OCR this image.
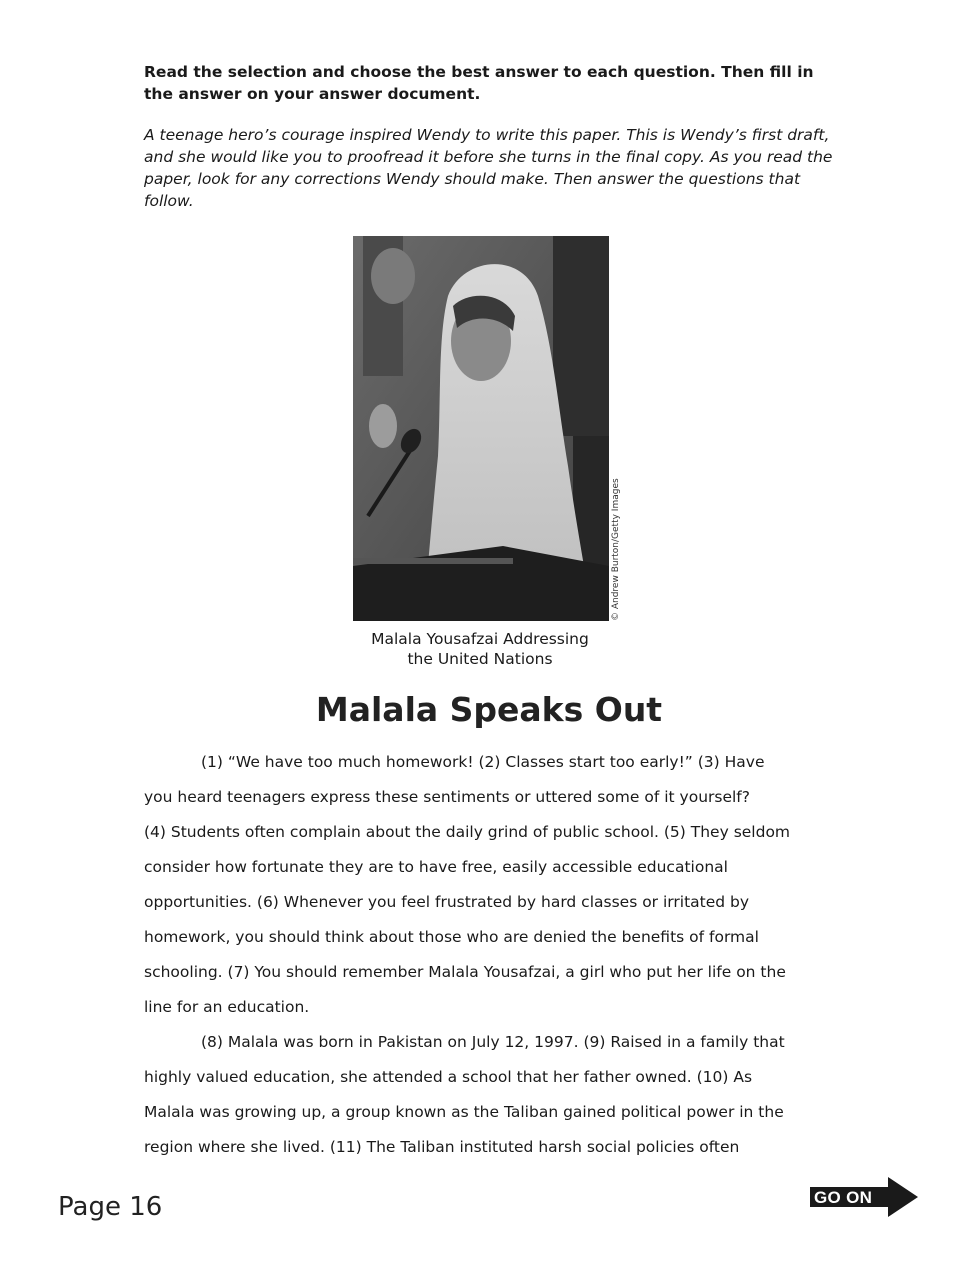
Read the selection and choose the best answer to each question. Then fill in the answer on your answer document.
A teenage hero’s courage inspired Wendy to write this paper. This is Wendy’s first draft, and she would like you to proofread it before she turns in the final copy. As you read the paper, look for any corrections Wendy should make. Then answer the questions that follow.
© Andrew Burton/Getty Images
Malala Yousafzai Addressing
the United Nations
Malala Speaks Out
(1) “We have too much homework! (2) Classes start too early!” (3) Have
you heard teenagers express these sentiments or uttered some of it yourself?
(4) Students often complain about the daily grind of public school. (5) They seldom
consider how fortunate they are to have free, easily accessible educational
opportunities. (6) Whenever you feel frustrated by hard classes or irritated by
homework, you should think about those who are denied the benefits of formal
schooling. (7) You should remember Malala Yousafzai, a girl who put her life on the
line for an education.
(8) Malala was born in Pakistan on July 12, 1997. (9) Raised in a family that
highly valued education, she attended a school that her father owned. (10) As
Malala was growing up, a group known as the Taliban gained political power in the
region where she lived. (11) The Taliban instituted harsh social policies often
Page 16	GO ON
